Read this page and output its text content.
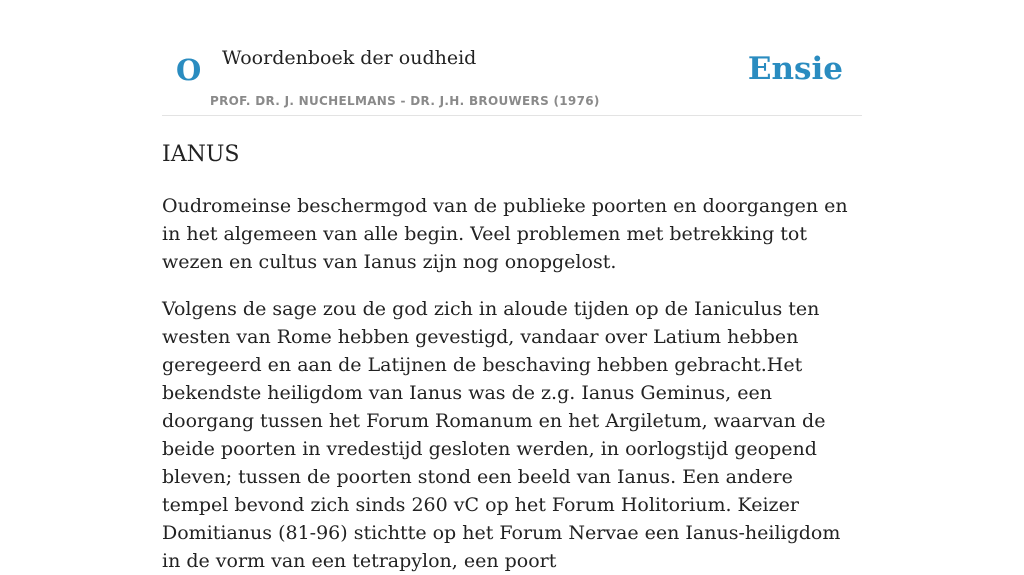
O Woordenboek der oudheid
PROF. DR. J. NUCHELMANS - DR. J.H. BROUWERS (1976)
Ensie
IANUS

Oudromeinse beschermgod van de publieke poorten en doorgangen en in het algemeen van alle begin. Veel problemen met betrekking tot wezen en cultus van Ianus zijn nog onopgelost.

Volgens de sage zou de god zich in aloude tijden op de Ianiculus ten westen van Rome hebben gevestigd, vandaar over Latium hebben geregeerd en aan de Latijnen de beschaving hebben gebracht.Het bekendste heiligdom van Ianus was de z.g. Ianus Geminus, een doorgang tussen het Forum Romanum en het Argiletum, waarvan de beide poorten in vredestijd gesloten werden, in oorlogstijd geopend bleven; tussen de poorten stond een beeld van Ianus. Een andere tempel bevond zich sinds 260 vC op het Forum Holitorium. Keizer Domitianus (81-96) stichtte op het Forum Nervae een Ianus-heiligdom in de vorm van een tetrapylon, een poort
